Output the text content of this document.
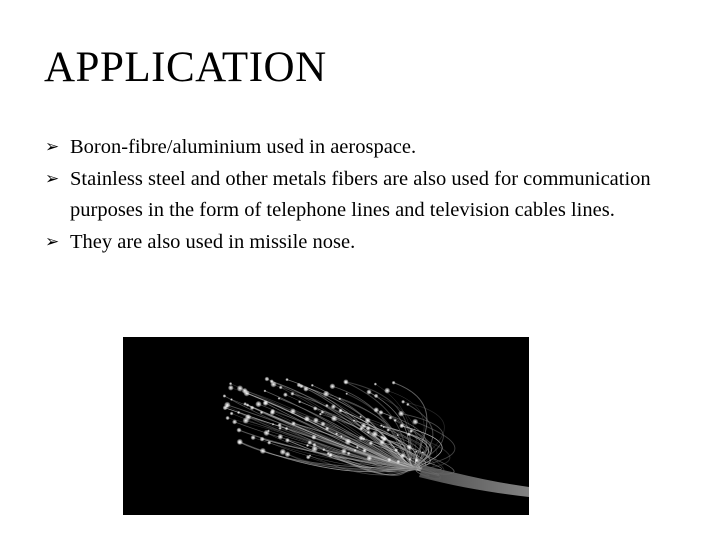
APPLICATION
➢ Boron-fibre/aluminium used in aerospace.
➢ Stainless steel and other metals fibers are also used for communication purposes in the form of telephone lines and television cables lines.
➢ They are also used in missile nose.
